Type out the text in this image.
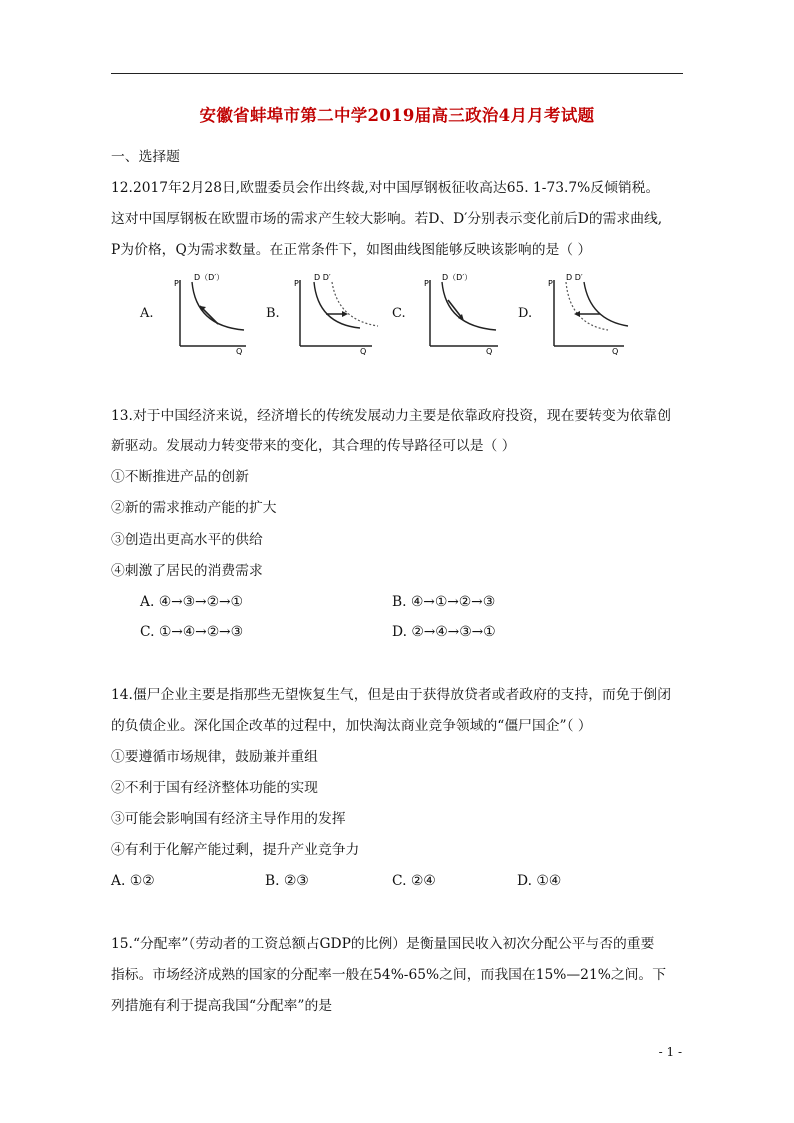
安徽省蚌埠市第二中学2019届高三政治4月月考试题
一、选择题
12.2017年2月28日,欧盟委员会作出终裁,对中国厚钢板征收高达65. 1-73.7%反倾销税。
这对中国厚钢板在欧盟市场的需求产生较大影响。若D、D′分别表示变化前后D的需求曲线,
P为价格，Q为需求数量。在正常条件下，如图曲线图能够反映该影响的是（ ）
A.
P
D（D′）
Q
B.
P
D D′
Q
C.
P
D（D′）
Q
D.
P
D D′
Q
13.对于中国经济来说，经济增长的传统发展动力主要是依靠政府投资，现在要转变为依靠创
新驱动。发展动力转变带来的变化，其合理的传导路径可以是（ ）
①不断推进产品的创新
②新的需求推动产能的扩大
③创造出更高水平的供给
④刺激了居民的消费需求
A. ④→③→②→①	B. ④→①→②→③
C. ①→④→②→③	D. ②→④→③→①
14.僵尸企业主要是指那些无望恢复生气，但是由于获得放贷者或者政府的支持，而免于倒闭
的负债企业。深化国企改革的过程中，加快淘汰商业竞争领域的“僵尸国企”（ ）
①要遵循市场规律，鼓励兼并重组
②不利于国有经济整体功能的实现
③可能会影响国有经济主导作用的发挥
④有利于化解产能过剩，提升产业竞争力
A. ①②	B. ②③	C. ②④	D. ①④
15.“分配率”（劳动者的工资总额占GDP的比例）是衡量国民收入初次分配公平与否的重要
指标。市场经济成熟的国家的分配率一般在54%-65%之间，而我国在15%—21%之间。下
列措施有利于提高我国“分配率”的是
- 1 -
